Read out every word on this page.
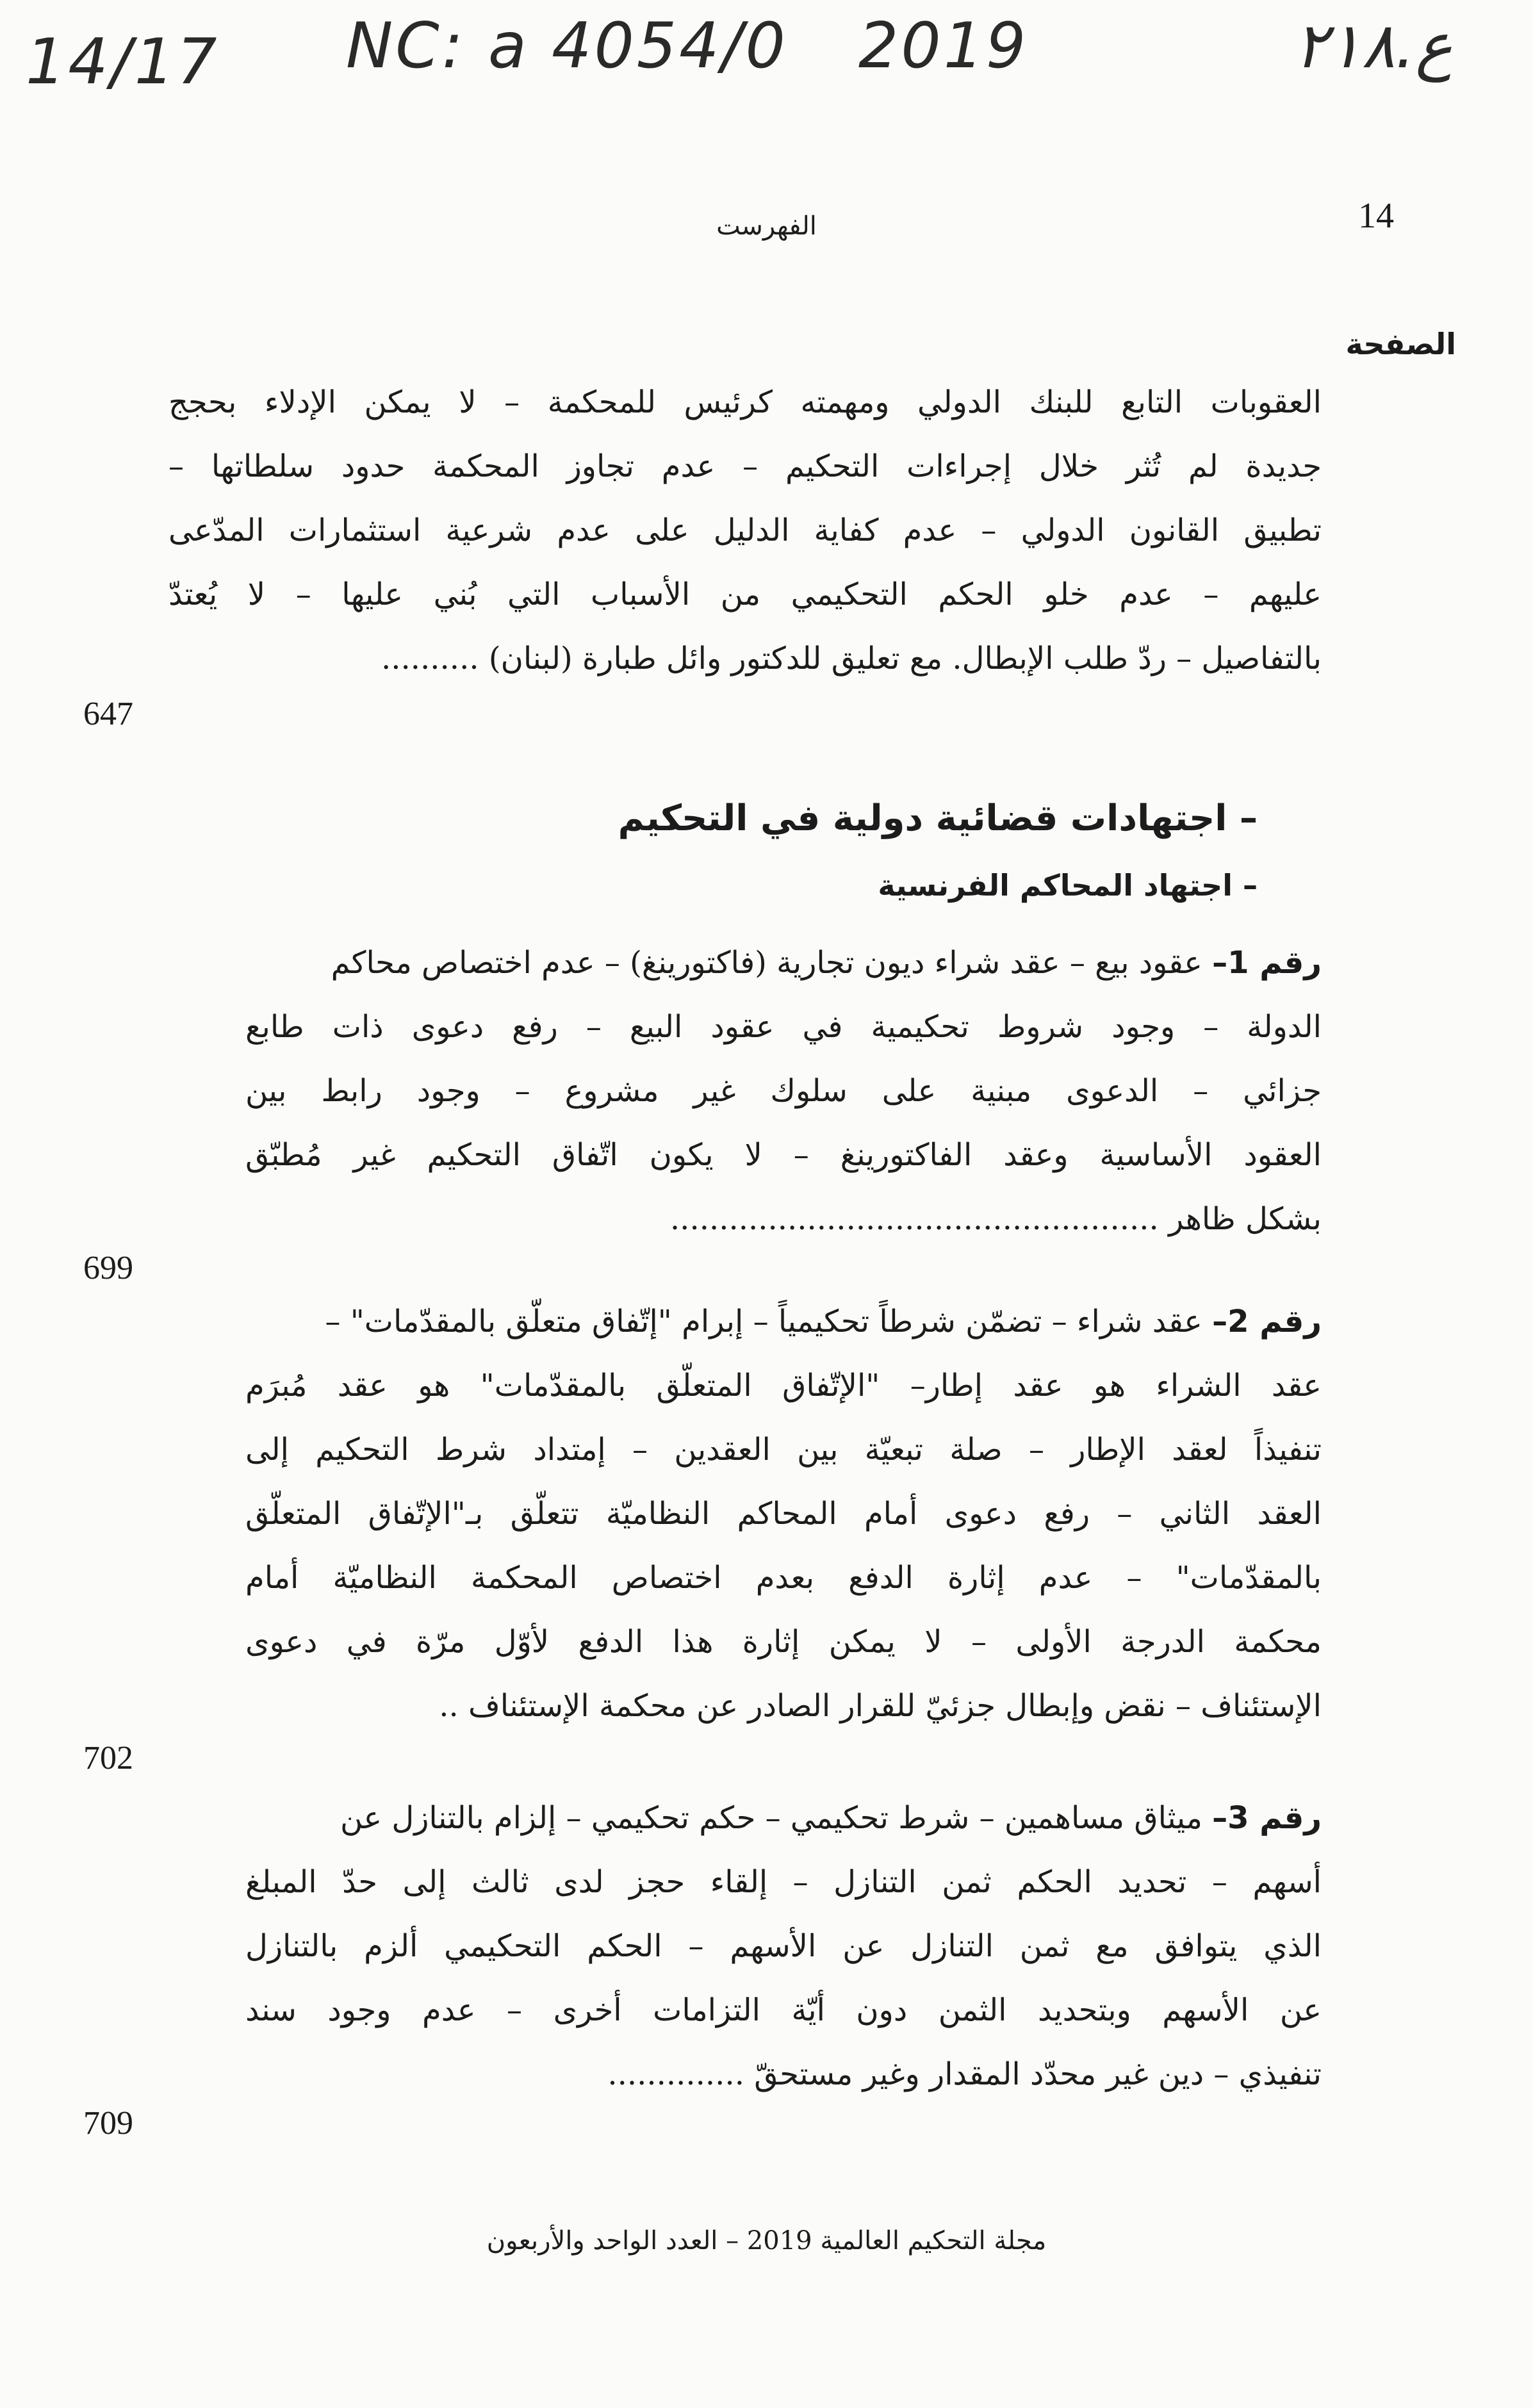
14/17 NC: a 4054/0 2019	ع.٢١٨
14
الفهرست
الصفحة
العقوبات التابع للبنك الدولي ومهمته كرئيس للمحكمة – لا يمكن الإدلاء بحجج
جديدة لم تُثر خلال إجراءات التحكيم – عدم تجاوز المحكمة حدود سلطاتها –
تطبيق القانون الدولي – عدم كفاية الدليل على عدم شرعية استثمارات المدّعى
عليهم – عدم خلو الحكم التحكيمي من الأسباب التي بُني عليها – لا يُعتدّ
بالتفاصيل – ردّ طلب الإبطال. مع تعليق للدكتور وائل طبارة (لبنان) ..........
647
– اجتهادات قضائية دولية في التحكيم
– اجتهاد المحاكم الفرنسية
رقم 1– عقود بيع – عقد شراء ديون تجارية (فاكتورينغ) – عدم اختصاص محاكم
الدولة – وجود شروط تحكيمية في عقود البيع – رفع دعوى ذات طابع
جزائي – الدعوى مبنية على سلوك غير مشروع – وجود رابط بين
العقود الأساسية وعقد الفاكتورينغ – لا يكون اتّفاق التحكيم غير مُطبّق
بشكل ظاهر ..................................................
699
رقم 2– عقد شراء – تضمّن شرطاً تحكيمياً – إبرام "إتّفاق متعلّق بالمقدّمات" –
عقد الشراء هو عقد إطار– "الإتّفاق المتعلّق بالمقدّمات" هو عقد مُبرَم
تنفيذاً لعقد الإطار – صلة تبعيّة بين العقدين – إمتداد شرط التحكيم إلى
العقد الثاني – رفع دعوى أمام المحاكم النظاميّة تتعلّق بـ"الإتّفاق المتعلّق
بالمقدّمات" – عدم إثارة الدفع بعدم اختصاص المحكمة النظاميّة أمام
محكمة الدرجة الأولى – لا يمكن إثارة هذا الدفع لأوّل مرّة في دعوى
الإستئناف – نقض وإبطال جزئيّ للقرار الصادر عن محكمة الإستئناف ..
702
رقم 3– ميثاق مساهمين – شرط تحكيمي – حكم تحكيمي – إلزام بالتنازل عن
أسهم – تحديد الحكم ثمن التنازل – إلقاء حجز لدى ثالث إلى حدّ المبلغ
الذي يتوافق مع ثمن التنازل عن الأسهم – الحكم التحكيمي ألزم بالتنازل
عن الأسهم وبتحديد الثمن دون أيّة التزامات أخرى – عدم وجود سند
تنفيذي – دين غير محدّد المقدار وغير مستحقّ ..............
709
مجلة التحكيم العالمية 2019 – العدد الواحد والأربعون
